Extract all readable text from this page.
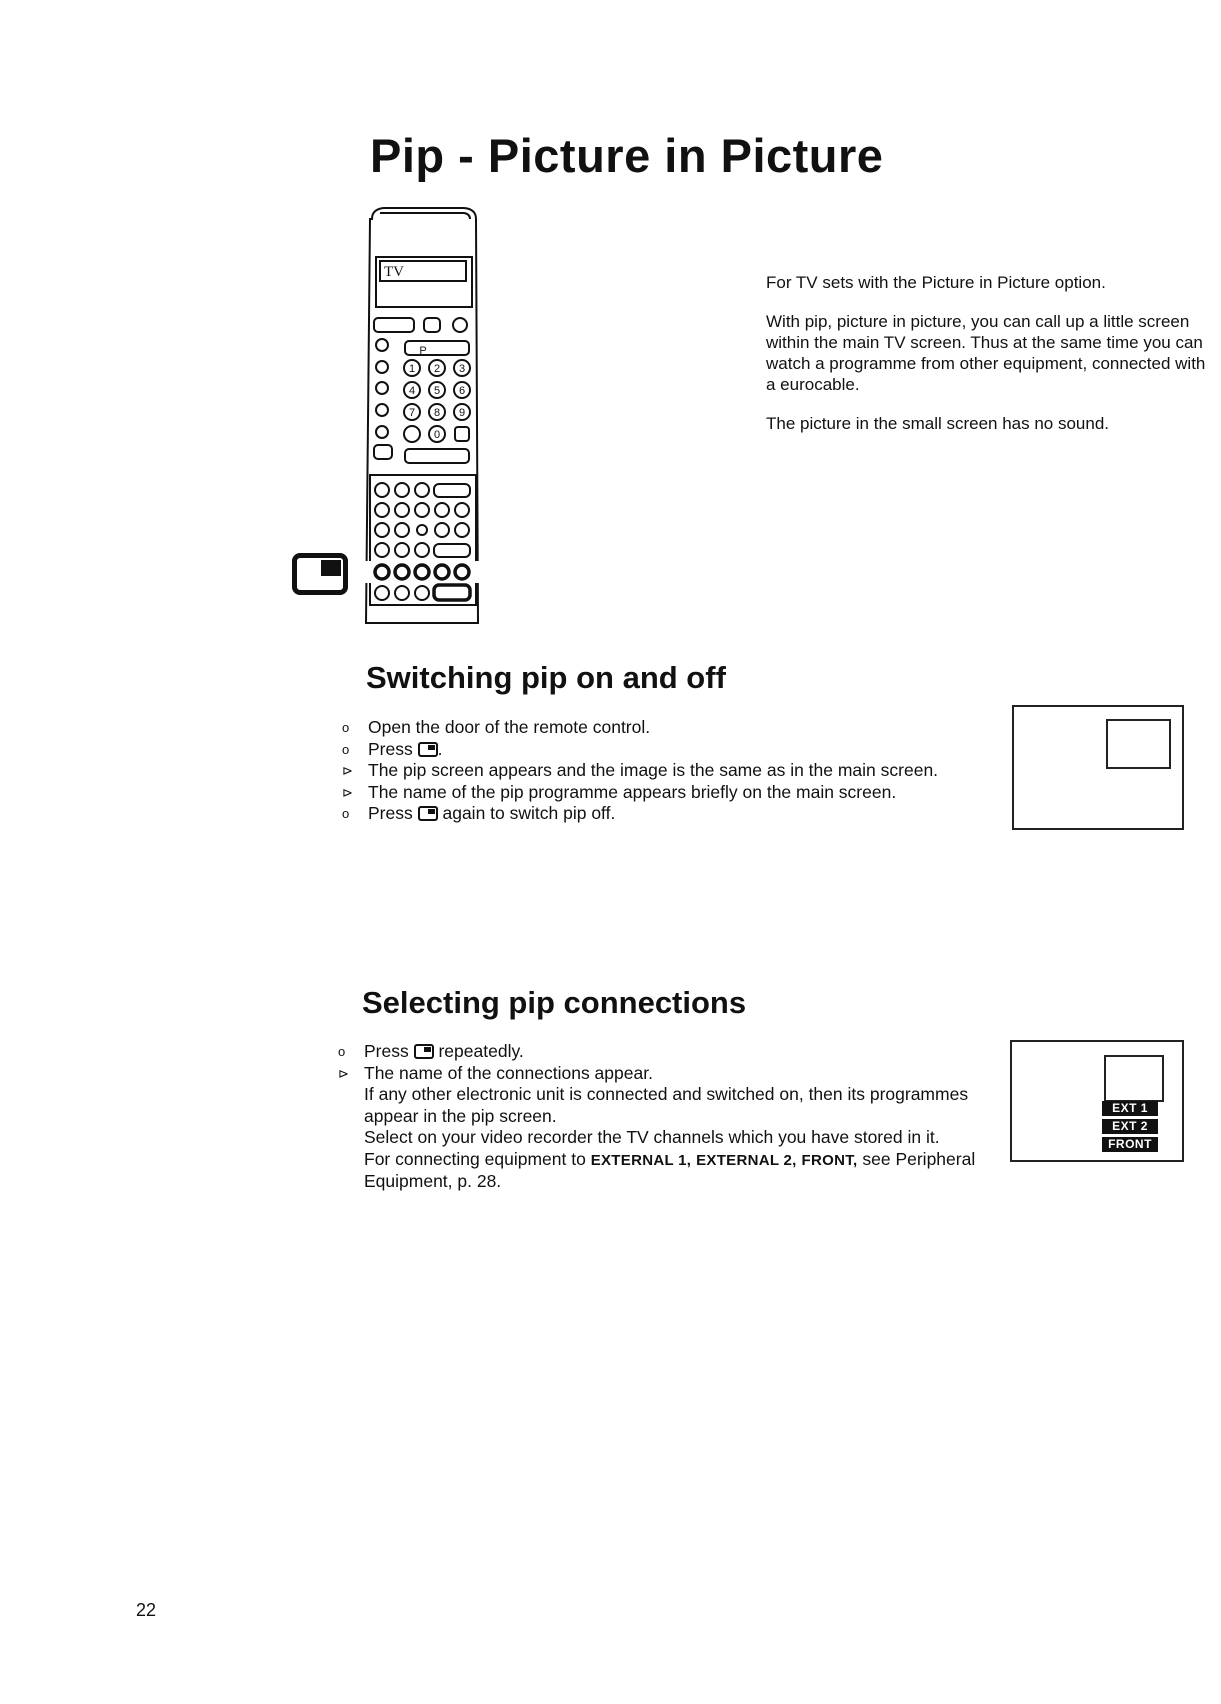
Pip - Picture in Picture
P
1 2 3
4 5 6
7 8 9
0
TV

For TV sets with the Picture in Picture option.

With pip, picture in picture, you can call up a little screen within the main TV screen. Thus at the same time you can watch a programme from other equipment, connected with a eurocable.

The picture in the small screen has no sound.

Switching pip on and off
o	Open the door of the remote control.
o	Press .
⊳ The pip screen appears and the image is the same as in the main screen.
⊳ The name of the pip programme appears briefly on the main screen.
o	Press again to switch pip off.
Selecting pip connections
o	Press repeatedly.
⊳ The name of the connections appear.
If any other electronic unit is connected and switched on, then its programmes appear in the pip screen.
Select on your video recorder the TV channels which you have stored in it.
For connecting equipment to EXTERNAL 1, EXTERNAL 2, FRONT, see Peripheral Equipment, p. 28.
EXT 1
EXT 2
FRONT
22
